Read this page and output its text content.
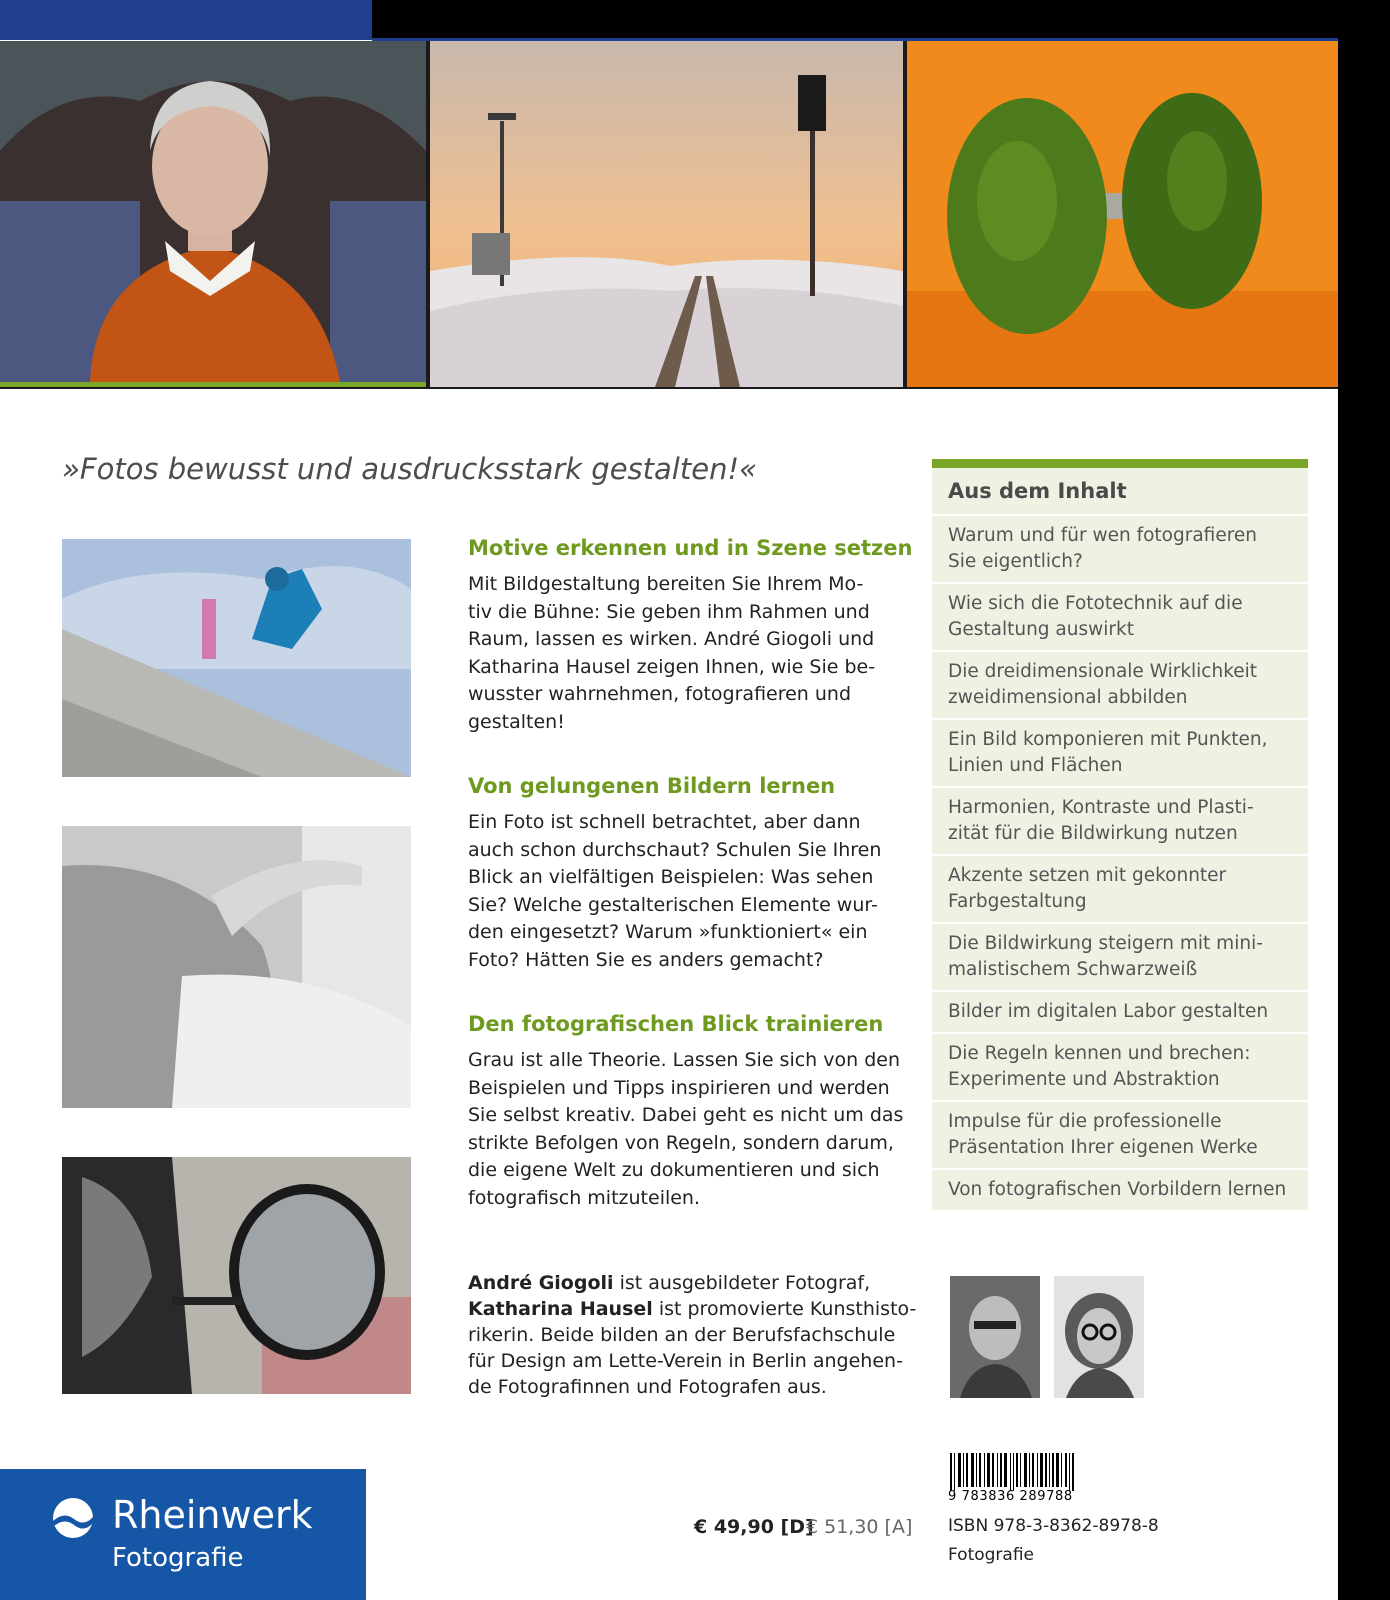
»Fotos bewusst und ausdrucksstark gestalten!«

Motive erkennen und in Szene setzen

Mit Bildgestaltung bereiten Sie Ihrem Mo-
tiv die Bühne: Sie geben ihm Rahmen und
Raum, lassen es wirken. André Giogoli und
Katharina Hausel zeigen Ihnen, wie Sie be-
wusster wahrnehmen, fotografieren und
gestalten!

Von gelungenen Bildern lernen

Ein Foto ist schnell betrachtet, aber dann
auch schon durchschaut? Schulen Sie Ihren
Blick an vielfältigen Beispielen: Was sehen
Sie? Welche gestalterischen Elemente wur-
den eingesetzt? Warum »funktioniert« ein
Foto? Hätten Sie es anders gemacht?

Den fotografischen Blick trainieren

Grau ist alle Theorie. Lassen Sie sich von den
Beispielen und Tipps inspirieren und werden
Sie selbst kreativ. Dabei geht es nicht um das
strikte Befolgen von Regeln, sondern darum,
die eigene Welt zu dokumentieren und sich
fotografisch mitzuteilen.

Aus dem Inhalt
Warum und für wen fotografieren
Sie eigentlich?
Wie sich die Fototechnik auf die
Gestaltung auswirkt
Die dreidimensionale Wirklichkeit
zweidimensional abbilden
Ein Bild komponieren mit Punkten,
Linien und Flächen
Harmonien, Kontraste und Plasti-
zität für die Bildwirkung nutzen
Akzente setzen mit gekonnter
Farbgestaltung
Die Bildwirkung steigern mit mini-
malistischem Schwarzweiß
Bilder im digitalen Labor gestalten
Die Regeln kennen und brechen:
Experimente und Abstraktion
Impulse für die professionelle
Präsentation Ihrer eigenen Werke
Von fotografischen Vorbildern lernen

André Giogoli ist ausgebildeter Fotograf,
Katharina Hausel ist promovierte Kunsthisto-
rikerin. Beide bilden an der Berufsfachschule
für Design am Lette-Verein in Berlin angehen-
de Fotografinnen und Fotografen aus.

Rheinwerk
Fotografie
€ 49,90 [D]
€ 51,30 [A]
9 783836 289788
ISBN 978-3-8362-8978-8
Fotografie
